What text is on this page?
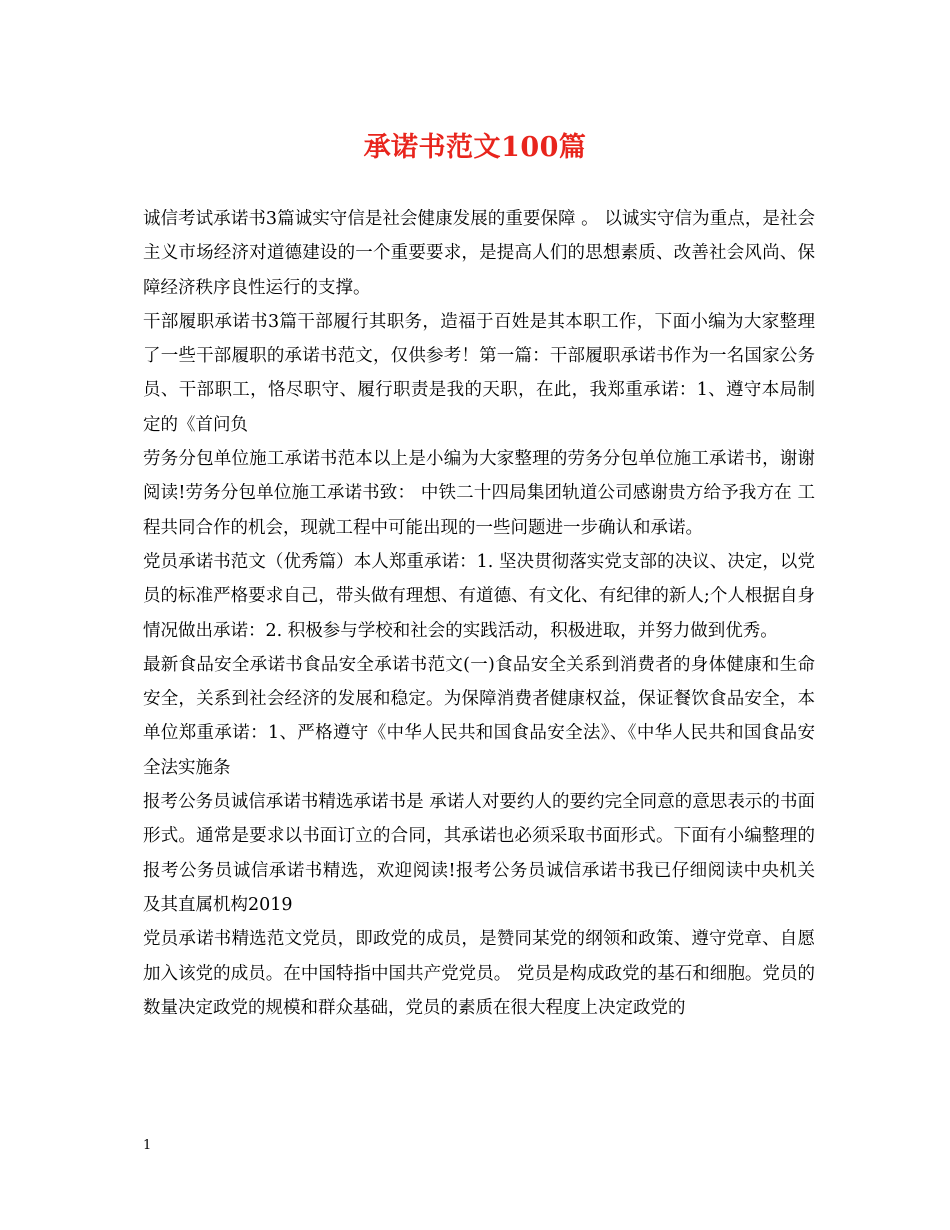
承诺书范文100篇

诚信考试承诺书3篇诚实守信是社会健康发展的重要保障 。 以诚实守信为重点，是社会主义市场经济对道德建设的一个重要要求，是提高人们的思想素质、改善社会风尚、保障经济秩序良性运行的支撑。

干部履职承诺书3篇干部履行其职务，造福于百姓是其本职工作，下面小编为大家整理了一些干部履职的承诺书范文，仅供参考！第一篇：干部履职承诺书作为一名国家公务员、干部职工，恪尽职守、履行职责是我的天职，在此，我郑重承诺：1、遵守本局制定的《首问负

劳务分包单位施工承诺书范本以上是小编为大家整理的劳务分包单位施工承诺书，谢谢阅读!劳务分包单位施工承诺书致： 中铁二十四局集团轨道公司感谢贵方给予我方在 工程共同合作的机会，现就工程中可能出现的一些问题进一步确认和承诺。

党员承诺书范文（优秀篇）本人郑重承诺：1. 坚决贯彻落实党支部的决议、决定，以党员的标准严格要求自己，带头做有理想、有道德、有文化、有纪律的新人;个人根据自身情况做出承诺：2. 积极参与学校和社会的实践活动，积极进取，并努力做到优秀。

最新食品安全承诺书食品安全承诺书范文(一)食品安全关系到消费者的身体健康和生命安全，关系到社会经济的发展和稳定。为保障消费者健康权益，保证餐饮食品安全，本单位郑重承诺：1、严格遵守《中华人民共和国食品安全法》、《中华人民共和国食品安全法实施条

报考公务员诚信承诺书精选承诺书是 承诺人对要约人的要约完全同意的意思表示的书面形式。通常是要求以书面订立的合同，其承诺也必须采取书面形式。下面有小编整理的报考公务员诚信承诺书精选，欢迎阅读!报考公务员诚信承诺书我已仔细阅读中央机关及其直属机构2019

党员承诺书精选范文党员，即政党的成员，是赞同某党的纲领和政策、遵守党章、自愿加入该党的成员。在中国特指中国共产党党员。 党员是构成政党的基石和细胞。党员的数量决定政党的规模和群众基础，党员的素质在很大程度上决定政党的

1
